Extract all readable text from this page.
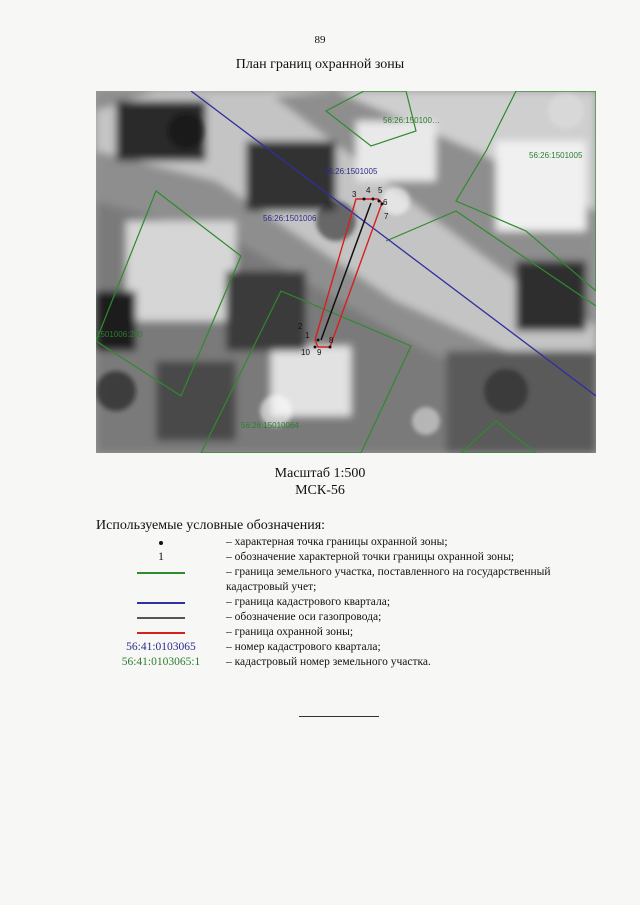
89
План границ охранной зоны
56:26:1501005
56:26:1501006
56:26:150100…
56:26:1501005
1501006:200
56:26:15010064
3 4 5
6
7
2
1
8
10 9
Масштаб 1:500
МСК-56
Используемые условные обозначения:
– характерная точка границы охранной зоны;
1	– обозначение характерной точки границы охранной зоны;
– граница земельного участка, поставленного на государственный кадастровый учет;
– граница кадастрового квартала;
– обозначение оси газопровода;
– граница охранной зоны;
56:41:0103065	– номер кадастрового квартала;
56:41:0103065:1 – кадастровый номер земельного участка.
